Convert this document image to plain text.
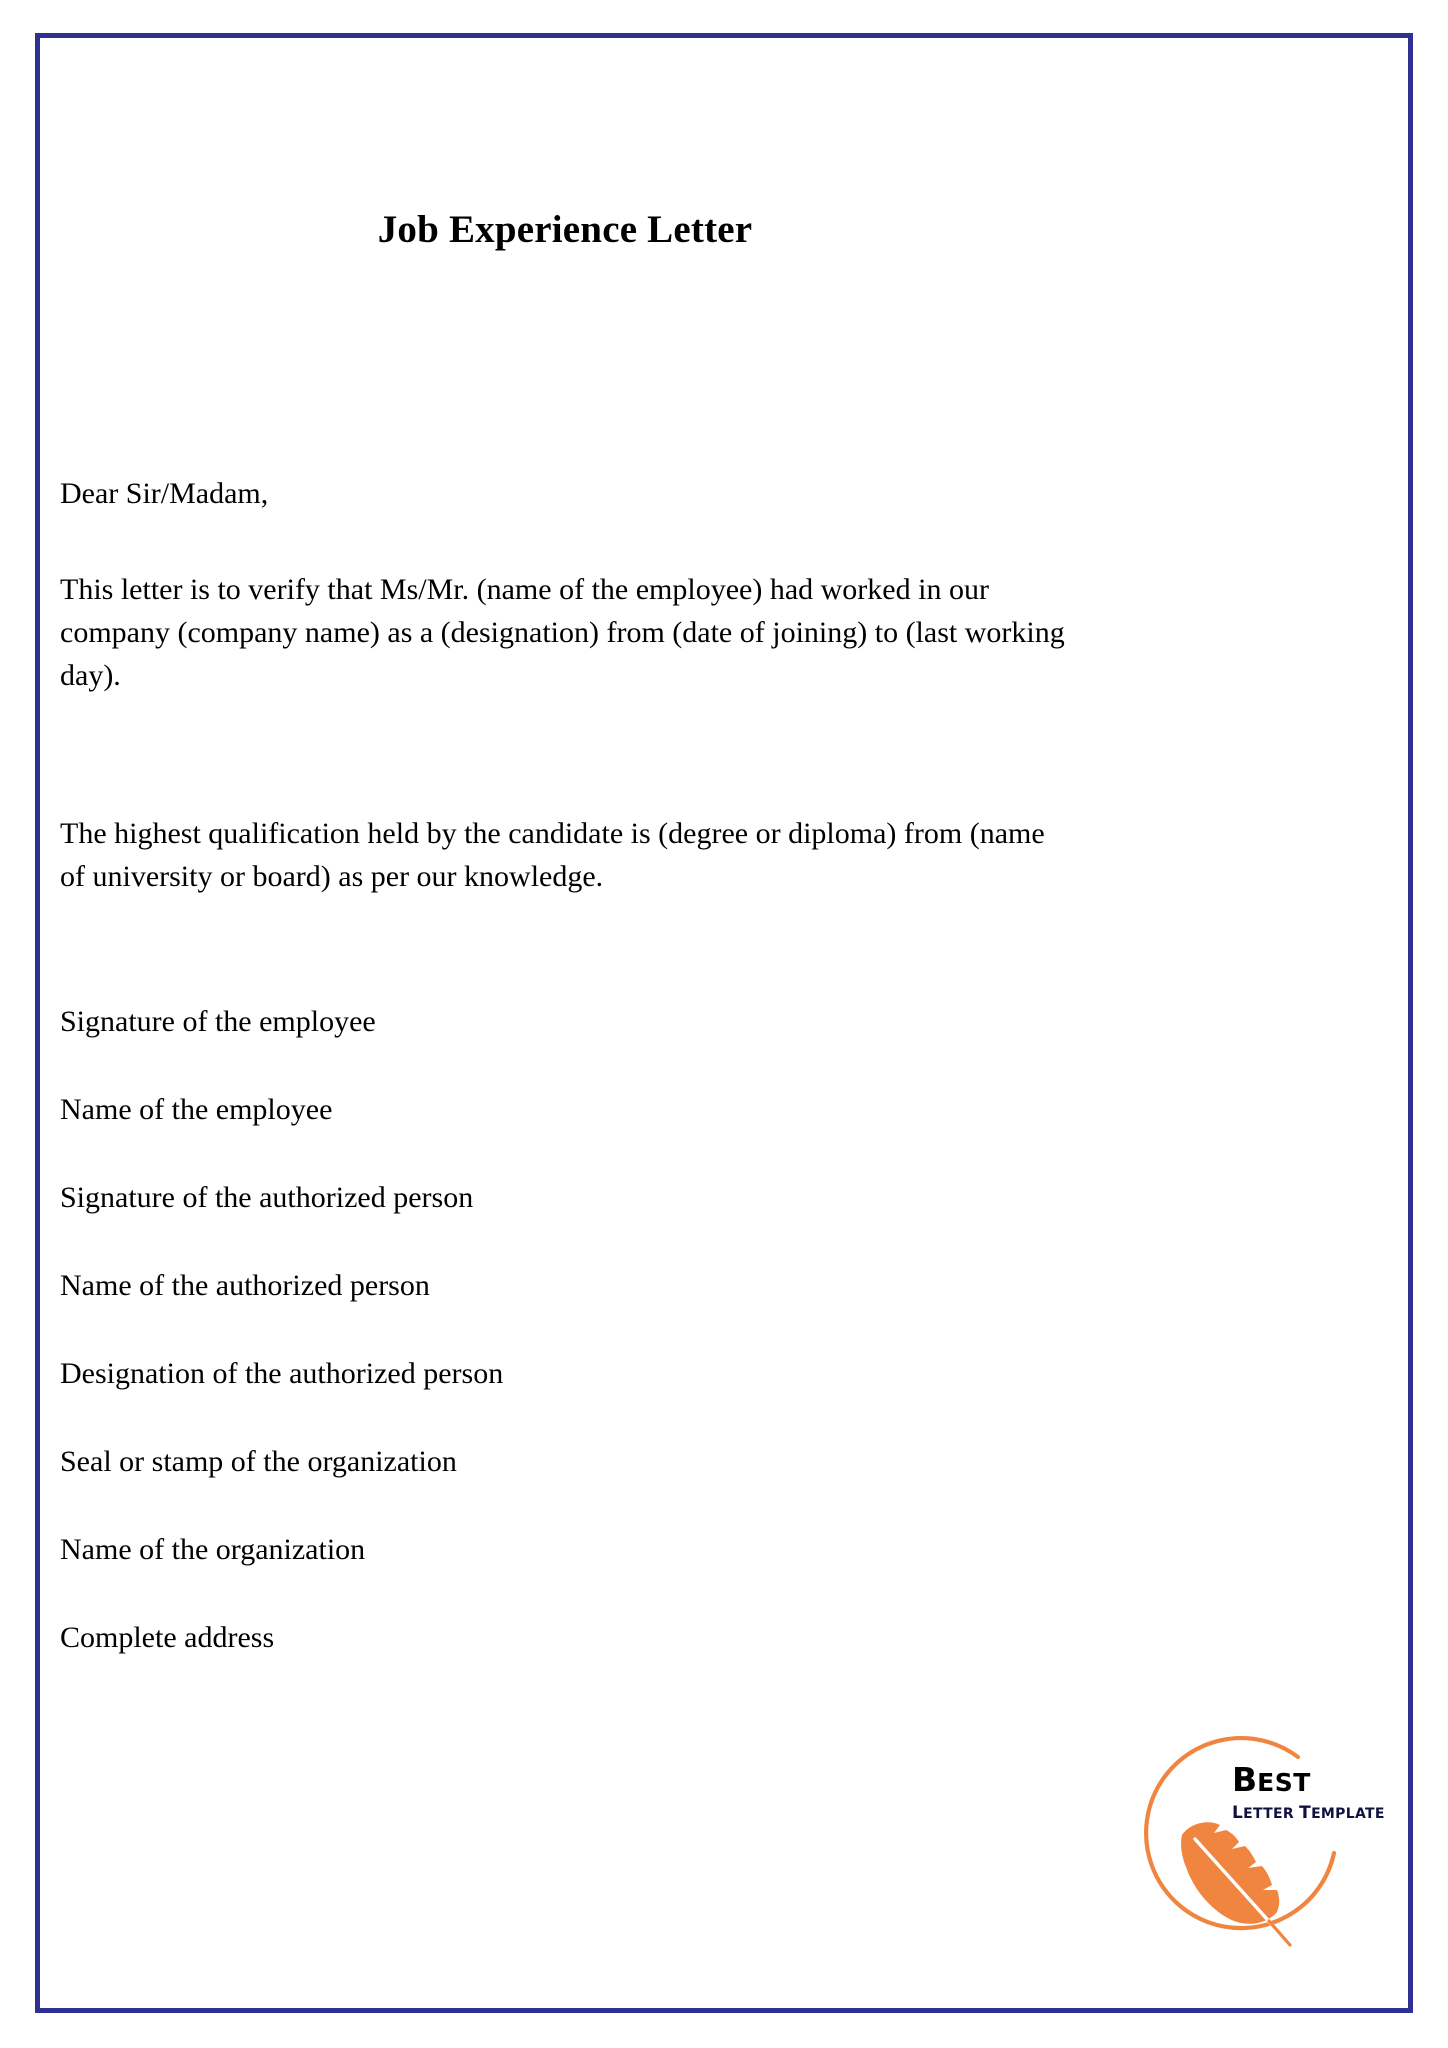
Job Experience Letter
Dear Sir/Madam,
This letter is to verify that Ms/Mr. (name of the employee) had worked in our company (company name) as a (designation) from (date of joining) to (last working day).
The highest qualification held by the candidate is (degree or diploma) from (name of university or board) as per our knowledge.
Signature of the employee
Name of the employee
Signature of the authorized person
Name of the authorized person
Designation of the authorized person
Seal or stamp of the organization
Name of the organization
Complete address
BEST
LETTER TEMPLATE
